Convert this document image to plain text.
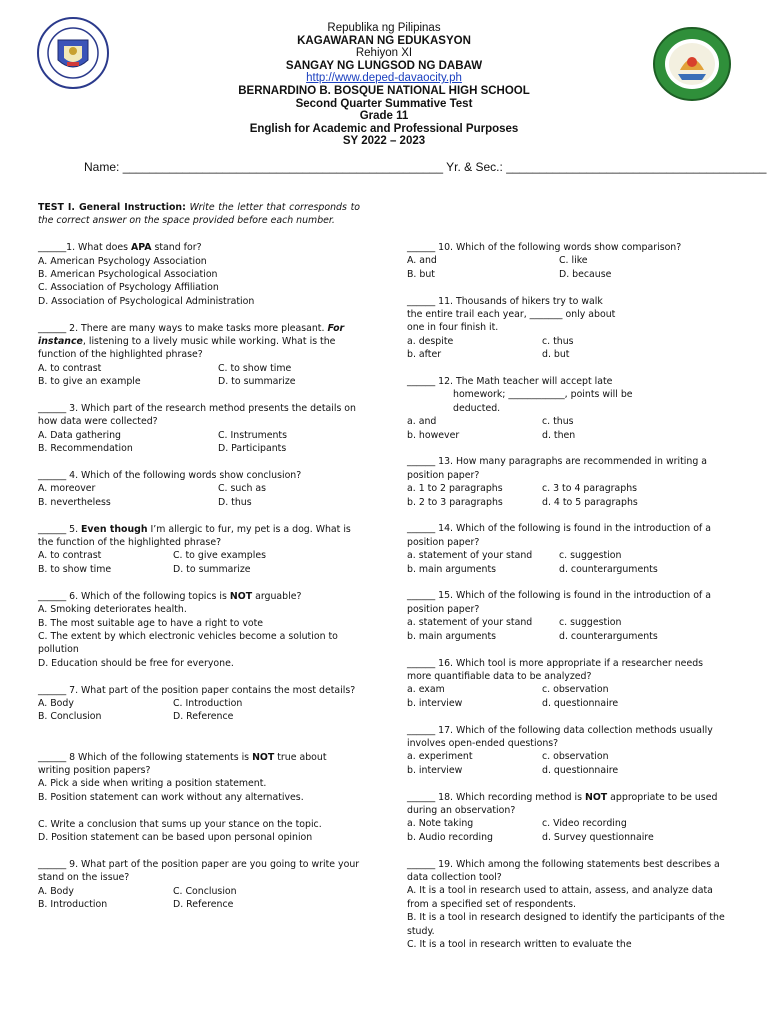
Republika ng Pilipinas
KAGAWARAN NG EDUKASYON
Rehiyon XI
SANGAY NG LUNGSOD NG DABAW
http://www.deped-davaocity.ph
BERNARDINO B. BOSQUE NATIONAL HIGH SCHOOL
Second Quarter Summative Test
Grade 11
English for Academic and Professional Purposes
SY 2022 – 2023
Name: ________________________________________________ Yr. & Sec.: _______________________________________
TEST I. General Instruction: Write the letter that corresponds to the correct answer on the space provided before each number.
______1. What does APA stand for?
A. American Psychology Association
B. American Psychological Association
C. Association of Psychology Affiliation
D. Association of Psychological Administration
______ 2. There are many ways to make tasks more pleasant. For instance, listening to a lively music while working. What is the function of the highlighted phrase?
A. to contrast	C. to show time
B. to give an example	D. to summarize
______ 3. Which part of the research method presents the details on how data were collected?
A. Data gathering	C. Instruments
B. Recommendation	D. Participants
______ 4. Which of the following words show conclusion?
A. moreover	C. such as
B. nevertheless	D. thus
______ 5. Even though I’m allergic to fur, my pet is a dog. What is the function of the highlighted phrase?
A. to contrast	C. to give examples
B. to show time	D. to summarize
______ 6. Which of the following topics is NOT arguable?
A. Smoking deteriorates health.
B. The most suitable age to have a right to vote
C. The extent by which electronic vehicles become a solution to pollution
D. Education should be free for everyone.
______ 7. What part of the position paper contains the most details?
A. Body	C. Introduction
B. Conclusion	D. Reference
______ 8 Which of the following statements is NOT true about writing position papers?
A. Pick a side when writing a position statement.
B. Position statement can work without any alternatives.
C. Write a conclusion that sums up your stance on the topic.
D. Position statement can be based upon personal opinion
______ 9. What part of the position paper are you going to write your stand on the issue?
A. Body	C. Conclusion
B. Introduction	D. Reference
______ 10. Which of the following words show comparison?
A. and	C. like
B. but	D. because
______ 11. Thousands of hikers try to walk
the entire trail each year, _______ only about
one in four finish it.
a. despite	c. thus
b. after	d. but
______ 12. The Math teacher will accept late
homework; ____________, points will be
deducted.
a. and	c. thus
b. however	d. then
______ 13. How many paragraphs are recommended in writing a position paper?
a. 1 to 2 paragraphs	c. 3 to 4 paragraphs
b. 2 to 3 paragraphs	d. 4 to 5 paragraphs
______ 14. Which of the following is found in the introduction of a position paper?
a. statement of your stand	c. suggestion
b. main arguments	d. counterarguments
______ 15. Which of the following is found in the introduction of a position paper?
a. statement of your stand	c. suggestion
b. main arguments	d. counterarguments
______ 16. Which tool is more appropriate if a researcher needs more quantifiable data to be analyzed?
a. exam	c. observation
b. interview	d. questionnaire
______ 17. Which of the following data collection methods usually involves open-ended questions?
a. experiment	c. observation
b. interview	d. questionnaire
______ 18. Which recording method is NOT appropriate to be used during an observation?
a. Note taking	c. Video recording
b. Audio recording	d. Survey questionnaire
______ 19. Which among the following statements best describes a data collection tool?
A. It is a tool in research used to attain, assess, and analyze data from a specified set of respondents.
B. It is a tool in research designed to identify the participants of the study.
C. It is a tool in research written to evaluate the
